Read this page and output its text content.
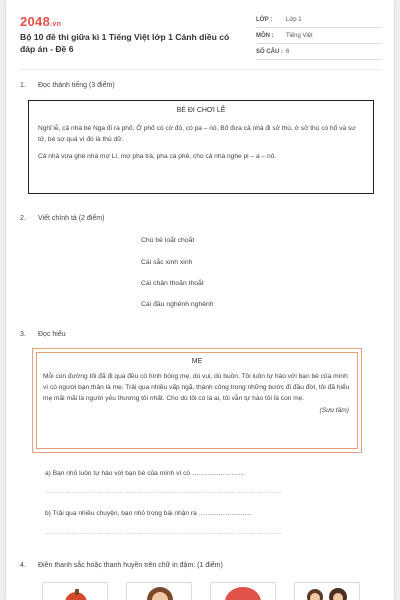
2048.vn
Bộ 10 đề thi giữa kì 1 Tiếng Việt lớp 1 Cánh diều có đáp án - Đề 6
LỚP :	Lớp 1
MÔN :	Tiếng Việt
SỐ CÂU : 6
1. Đọc thành tiếng (3 điểm)
BÉ ĐI CHƠI LỄ

Nghỉ lễ, cả nhà bé Nga đi ra phố. Ở phố có cờ đỏ, có pa – nô. Bố đưa cả nhà đi sở thú, ở sở thú có hổ và sư tử, bé sợ quá vì đó là thú dữ.

Cả nhà vừa ghé nhà mợ Lí, mợ pha trà, pha cà phê, cho cả nhà nghe pi – a – nô.

2. Viết chính tả (2 điểm)
Chú bé loắt choắt
Cái sắc xinh xinh
Cái chân thoăn thoắt
Cái đầu nghênh nghênh
3. Đọc hiểu
MẸ

Mỗi con đường tôi đã đi qua đều có hình bóng mẹ, dù vui, dù buồn. Tôi luôn tự hào với bạn bè của mình vì có người bạn thân là mẹ. Trải qua nhiều vấp ngã, thành công trong những bước đi đầu đời, tôi đã hiểu mẹ mãi mãi là người yêu thương tôi nhất. Cho dù tôi có là ai, tôi vẫn tự hào tôi là con mẹ.

(Sưu tầm)
a) Bạn nhỏ luôn tự hào với bạn bè của mình vì có ……………………
………………………………………………………………………………………………
b) Trải qua nhiều chuyện, bạn nhỏ trong bài nhận ra ……………………
………………………………………………………………………………………………
4. Điền thanh sắc hoặc thanh huyền trên chữ in đậm: (1 điểm)
